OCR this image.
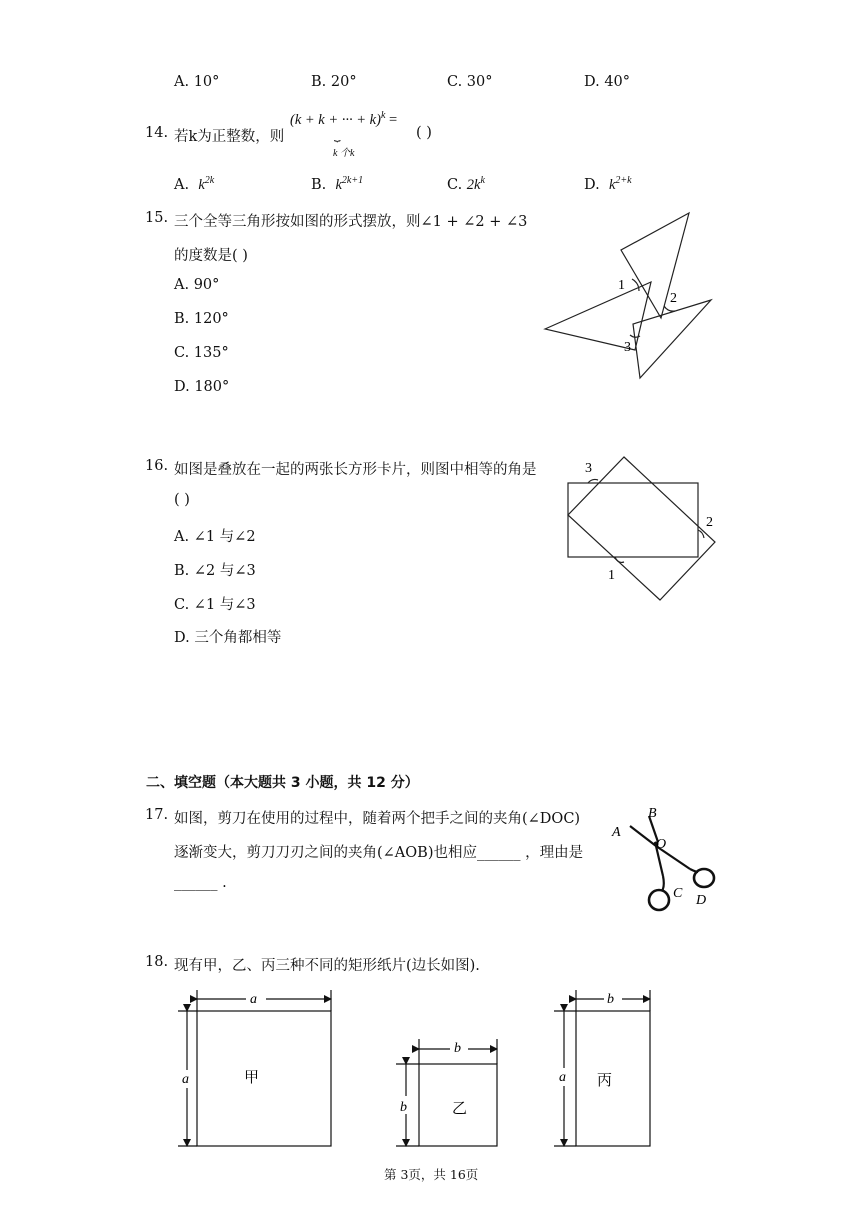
A. 10°	B. 20°	C. 30°	D. 40°
14. 若k为正整数，则
(k + k + ··· + k)$^k$ =
⏟
k 个k
( )
A. $k^{2k}$	B. $k^{2k+1}$	C. $2k^k$	D. $k^{2+k}$
15. 三个全等三角形按如图的形式摆放，则∠1 + ∠2 + ∠3
的度数是( )
A. 90°
B. 120°
C. 135°
D. 180°
1
2
3
16. 如图是叠放在一起的两张长方形卡片，则图中相等的角是
( )
A. ∠1 与∠2
B. ∠2 与∠3
C. ∠1 与∠3
D. 三个角都相等
3
2
1
二、填空题（本大题共 3 小题，共 12 分）
17. 如图，剪刀在使用的过程中，随着两个把手之间的夹角(∠DOC)
逐渐变大，剪刀刀刃之间的夹角(∠AOB)也相应______ ，理由是
______ .
A
B
O
C D
18. 现有甲，乙、丙三种不同的矩形纸片(边长如图).
a
a	甲
b
b	乙
b
a 丙
第 3页，共 16页
